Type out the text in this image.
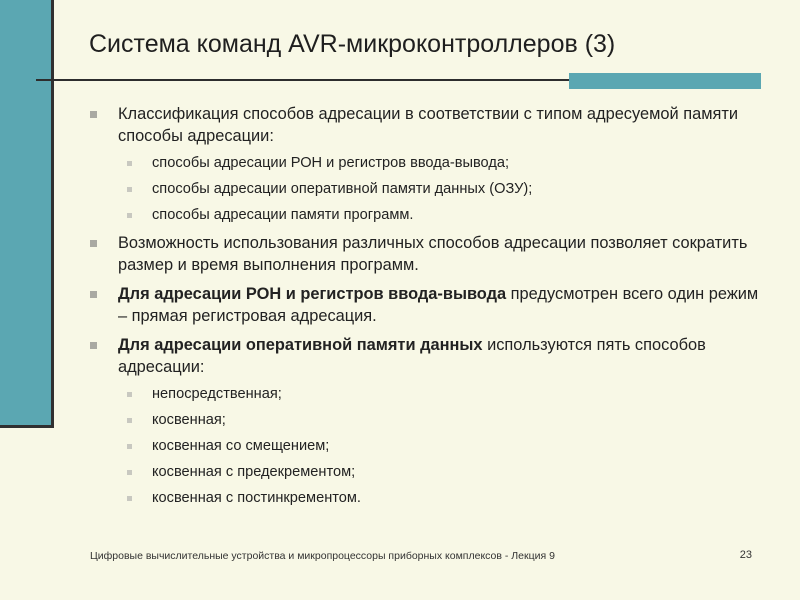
Система команд AVR-микроконтроллеров (3)
Классификация способов адресации в соответствии с типом адресуемой памяти способы адресации:
способы адресации РОН и регистров ввода-вывода;
способы адресации оперативной памяти данных (ОЗУ);
способы адресации памяти программ.
Возможность использования различных способов адресации позволяет сократить размер и время выполнения программ.
Для адресации РОН и регистров ввода-вывода предусмотрен всего один режим – прямая регистровая адресация.
Для адресации оперативной памяти данных используются пять способов адресации:
непосредственная;
косвенная;
косвенная со смещением;
косвенная с предекрементом;
косвенная с постинкрементом.
Цифровые вычислительные устройства и микропроцессоры приборных комплексов - Лекция 9	23
